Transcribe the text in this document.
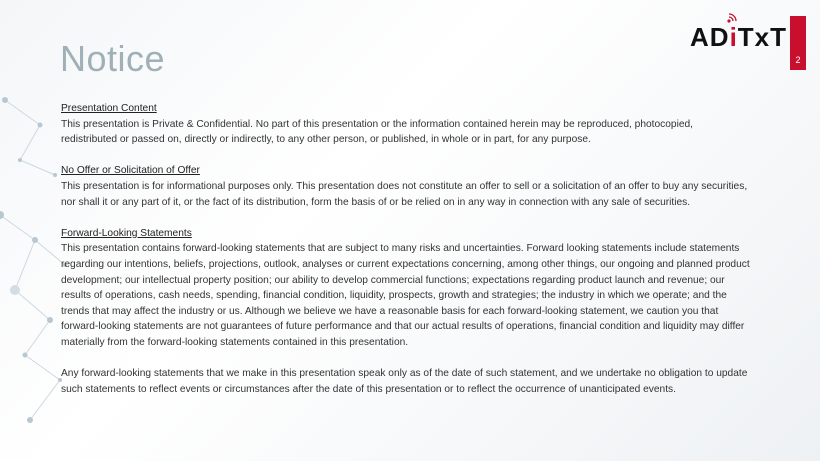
Notice
ADiTxT
2
Presentation Content

This presentation is Private & Confidential. No part of this presentation or the information contained herein may be reproduced, photocopied, redistributed or passed on, directly or indirectly, to any other person, or published, in whole or in part, for any purpose.

No Offer or Solicitation of Offer

This presentation is for informational purposes only. This presentation does not constitute an offer to sell or a solicitation of an offer to buy any securities, nor shall it or any part of it, or the fact of its distribution, form the basis of or be relied on in any way in connection with any sale of securities.

Forward-Looking Statements

This presentation contains forward-looking statements that are subject to many risks and uncertainties. Forward looking statements include statements regarding our intentions, beliefs, projections, outlook, analyses or current expectations concerning, among other things, our ongoing and planned product development; our intellectual property position; our ability to develop commercial functions; expectations regarding product launch and revenue; our results of operations, cash needs, spending, financial condition, liquidity, prospects, growth and strategies; the industry in which we operate; and the trends that may affect the industry or us. Although we believe we have a reasonable basis for each forward-looking statement, we caution you that forward-looking statements are not guarantees of future performance and that our actual results of operations, financial condition and liquidity may differ materially from the forward-looking statements contained in this presentation.

Any forward-looking statements that we make in this presentation speak only as of the date of such statement, and we undertake no obligation to update such statements to reflect events or circumstances after the date of this presentation or to reflect the occurrence of unanticipated events.
